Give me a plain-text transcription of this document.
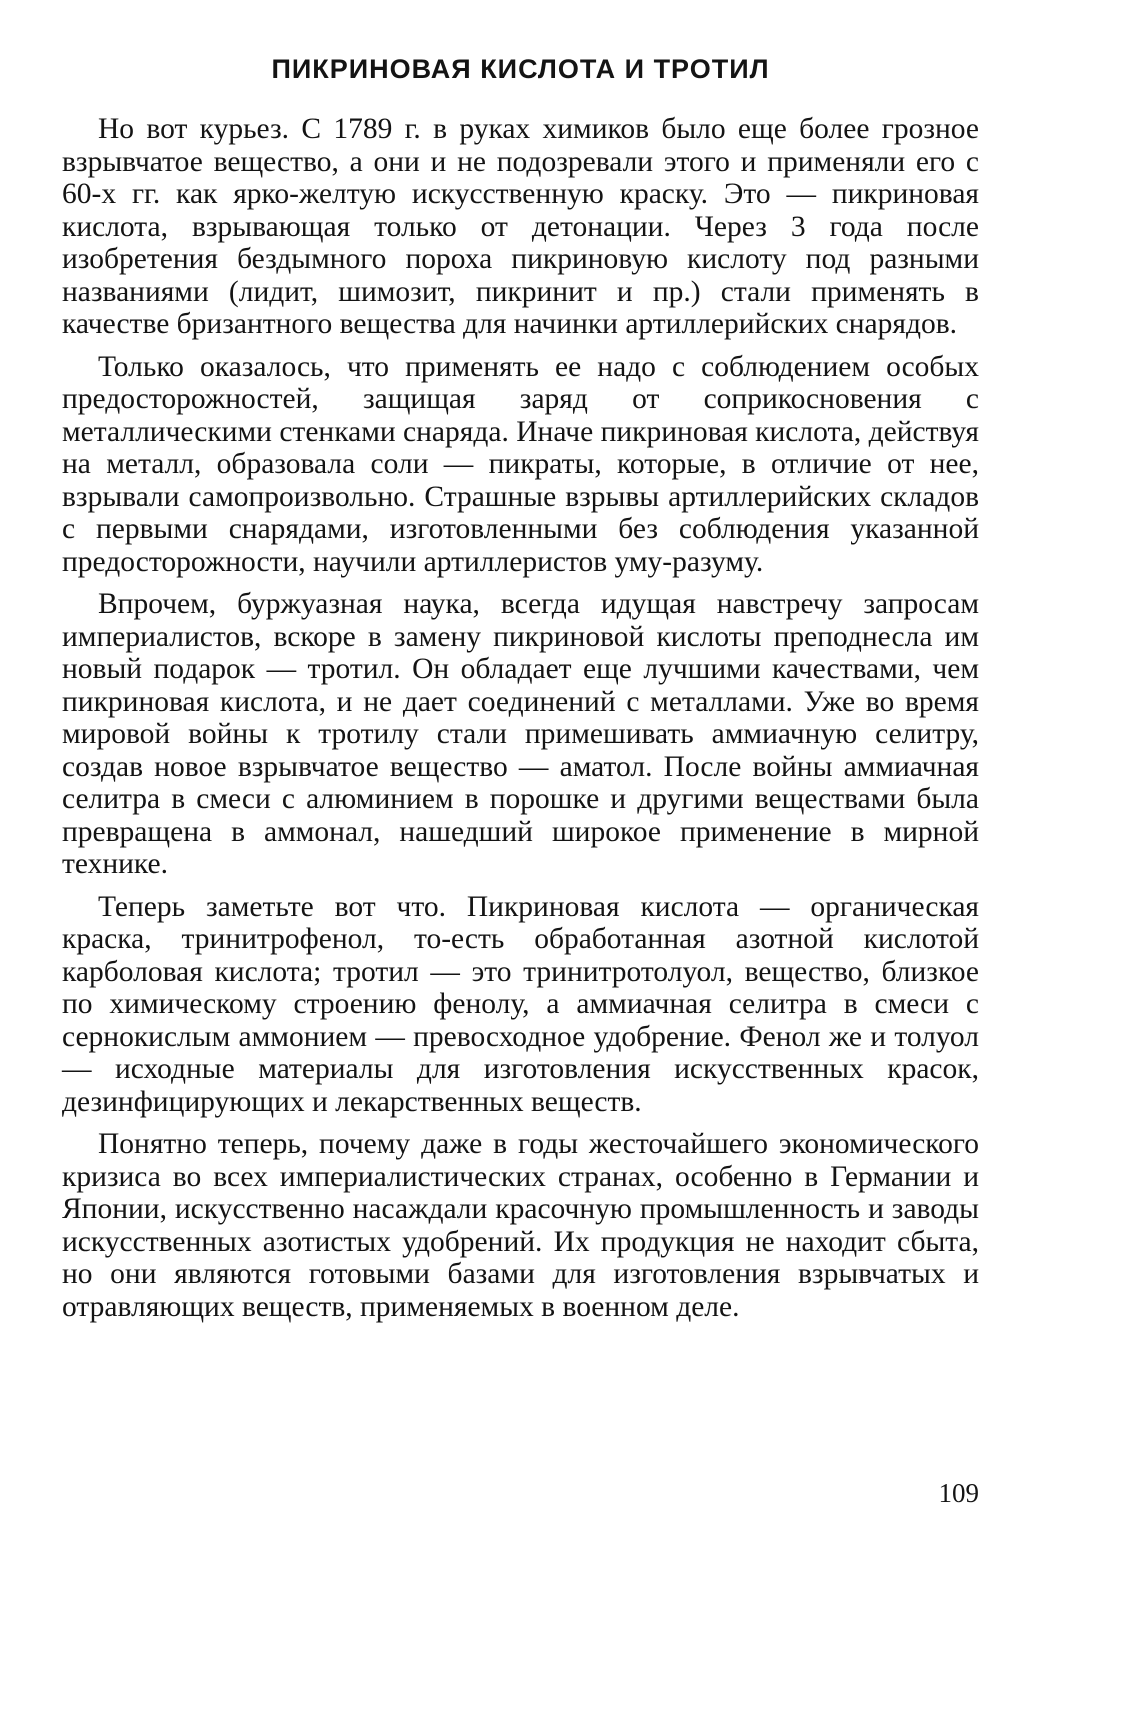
ПИКРИНОВАЯ КИСЛОТА И ТРОТИЛ

Но вот курьез. С 1789 г. в руках химиков было еще более грозное взрывчатое вещество, а они и не подозревали этого и применяли его с 60-х гг. как ярко-желтую искусственную краску. Это — пикриновая кислота, взрывающая только от детонации. Через 3 года после изобретения бездымного пороха пикриновую кислоту под разными названиями (лидит, шимозит, пикринит и пр.) стали применять в качестве бризантного вещества для начинки артиллерийских снарядов.

Только оказалось, что применять ее надо с соблюдением особых предосторожностей, защищая заряд от соприкосновения с металлическими стенками снаряда. Иначе пикриновая кислота, действуя на металл, образовала соли — пикраты, которые, в отличие от нее, взрывали самопроизвольно. Страшные взрывы артиллерийских складов с первыми снарядами, изготовленными без соблюдения указанной предосторожности, научили артиллеристов уму-разуму.

Впрочем, буржуазная наука, всегда идущая навстречу запросам империалистов, вскоре в замену пикриновой кислоты преподнесла им новый подарок — тротил. Он обладает еще лучшими качествами, чем пикриновая кислота, и не дает соединений с металлами. Уже во время мировой войны к тротилу стали примешивать аммиачную селитру, создав новое взрывчатое вещество — аматол. После войны аммиачная селитра в смеси с алюминием в порошке и другими веществами была превращена в аммонал, нашедший широкое применение в мирной технике.

Теперь заметьте вот что. Пикриновая кислота — органическая краска, тринитрофенол, то-есть обработанная азотной кислотой карболовая кислота; тротил — это тринитротолуол, вещество, близкое по химическому строению фенолу, а аммиачная селитра в смеси с сернокислым аммонием — превосходное удобрение. Фенол же и толуол — исходные материалы для изготовления искусственных красок, дезинфицирующих и лекарственных веществ.

Понятно теперь, почему даже в годы жесточайшего экономического кризиса во всех империалистических странах, особенно в Германии и Японии, искусственно насаждали красочную промышленность и заводы искусственных азотистых удобрений. Их продукция не находит сбыта, но они являются готовыми базами для изготовления взрывчатых и отравляющих веществ, применяемых в военном деле.

109
